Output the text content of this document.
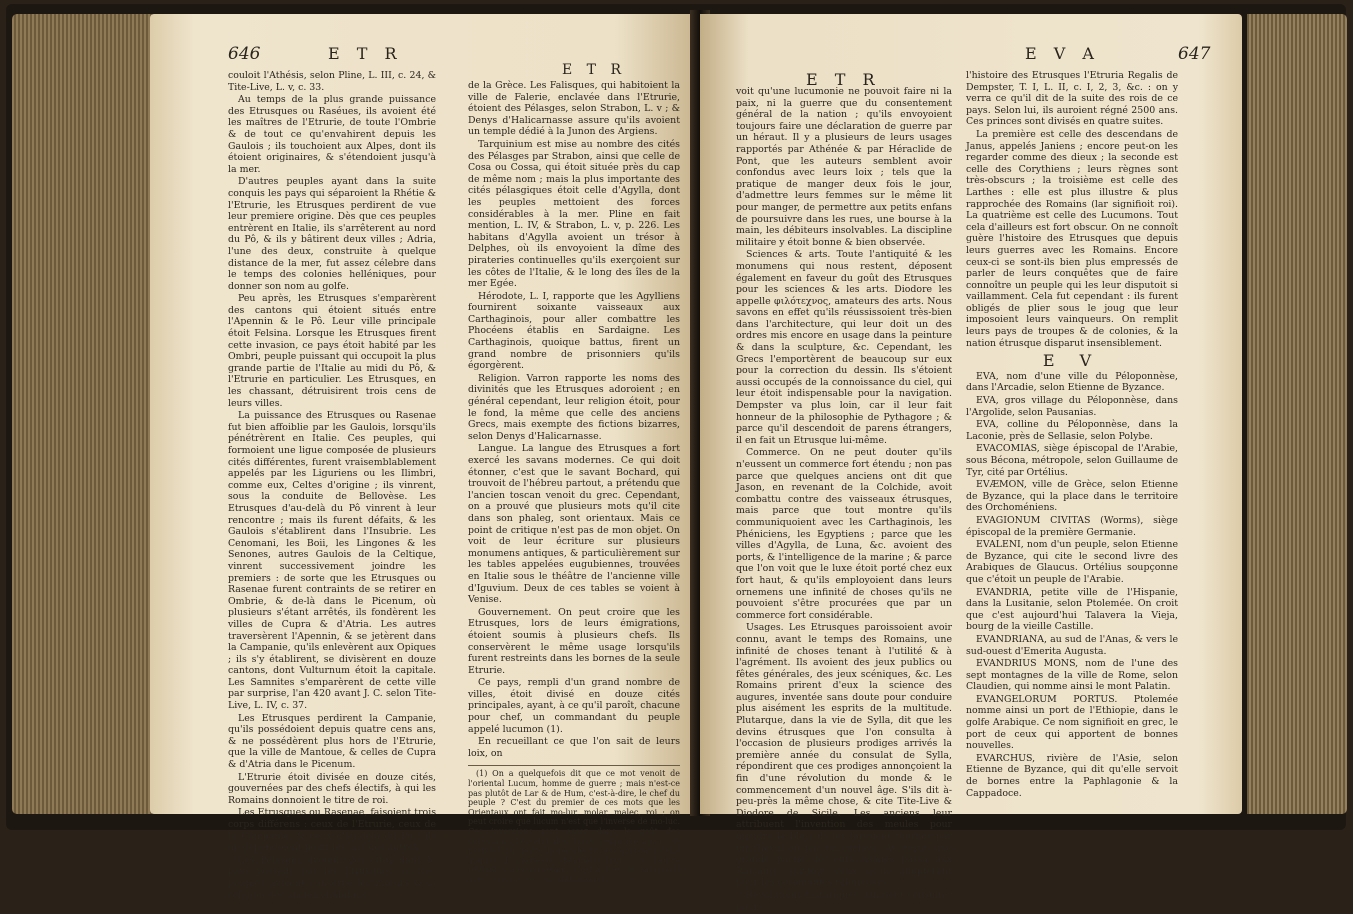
646	E T R
E T R

couloit l'Athésis, selon Pline, L. III, c. 24, & Tite-Live, L. v, c. 33.

Au temps de la plus grande puissance des Etrusques ou Raséues, ils avoient été les maîtres de l'Etrurie, de toute l'Ombrie & de tout ce qu'envahirent depuis les Gaulois ; ils touchoient aux Alpes, dont ils étoient originaires, & s'étendoient jusqu'à la mer.

D'autres peuples ayant dans la suite conquis les pays qui séparoient la Rhétie & l'Etrurie, les Etrusques perdirent de vue leur premiere origine. Dès que ces peuples entrèrent en Italie, ils s'arrêterent au nord du Pô, & ils y bâtirent deux villes ; Adria, l'une des deux, construite à quelque distance de la mer, fut assez célebre dans le temps des colonies helléniques, pour donner son nom au golfe.

Peu après, les Etrusques s'emparèrent des cantons qui étoient situés entre l'Apennin & le Pô. Leur ville principale étoit Felsina. Lorsque les Etrusques firent cette invasion, ce pays étoit habité par les Ombri, peuple puissant qui occupoit la plus grande partie de l'Italie au midi du Pô, & l'Etrurie en particulier. Les Etrusques, en les chassant, détruisirent trois cens de leurs villes.

La puissance des Etrusques ou Rasenae fut bien affoiblie par les Gaulois, lorsqu'ils pénétrèrent en Italie. Ces peuples, qui formoient une ligue composée de plusieurs cités différentes, furent vraisemblablement appelés par les Liguriens ou les Ilimbri, comme eux, Celtes d'origine ; ils vinrent, sous la conduite de Bellovèse. Les Etrusques d'au-delà du Pô vinrent à leur rencontre ; mais ils furent défaits, & les Gaulois s'établirent dans l'Insubrie. Les Cenomani, les Boii, les Lingones & les Senones, autres Gaulois de la Celtique, vinrent successivement joindre les premiers : de sorte que les Etrusques ou Rasenae furent contraints de se retirer en Ombrie, & de-là dans le Picenum, où plusieurs s'étant arrêtés, ils fondèrent les villes de Cupra & d'Atria. Les autres traversèrent l'Apennin, & se jetèrent dans la Campanie, qu'ils enlevèrent aux Opiques ; ils s'y établirent, se divisèrent en douze cantons, dont Vulturnum étoit la capitale. Les Samnites s'emparèrent de cette ville par surprise, l'an 420 avant J. C. selon Tite-Live, L. IV, c. 37.

Les Etrusques perdirent la Campanie, qu'ils possédoient depuis quatre cens ans, & ne possédèrent plus hors de l'Etrurie, que la ville de Mantoue, & celles de Cupra & d'Atria dans le Picenum.

L'Etrurie étoit divisée en douze cités, gouvernées par des chefs électifs, à qui les Romains donnoient le titre de roi.

Les Etrusques ou Rasenae, faisoient trois corps différens : ceux de l'Etrurie, ceux de la Campanie, & ceux d'au-delà du Pô : ils ne dépendoient point les uns des autres.

Les Pélasges avoient des cités dans le pays possédé par les Etrusques, où ces peuples avoient conservé les mœurs & la religion des anciens habitans

de la Grèce. Les Falisques, qui habitoient la ville de Falerie, enclavée dans l'Etrurie, étoient des Pélasges, selon Strabon, L. v ; & Denys d'Halicarnasse assure qu'ils avoient un temple dédié à la Junon des Argiens.

Tarquinium est mise au nombre des cités des Pélasges par Strabon, ainsi que celle de Cosa ou Cossa, qui étoit située près du cap de même nom ; mais la plus importante des cités pélasgiques étoit celle d'Agylla, dont les peuples mettoient des forces considérables à la mer. Pline en fait mention, L. IV, & Strabon, L. v, p. 226. Les habitans d'Agylla avoient un trésor à Delphes, où ils envoyoient la dîme des pirateries continuelles qu'ils exerçoient sur les côtes de l'Italie, & le long des îles de la mer Egée.

Hérodote, L. I, rapporte que les Agylliens fournirent soixante vaisseaux aux Carthaginois, pour aller combattre les Phocéens établis en Sardaigne. Les Carthaginois, quoique battus, firent un grand nombre de prisonniers qu'ils égorgèrent.

Religion. Varron rapporte les noms des divinités que les Etrusques adoroient ; en général cependant, leur religion étoit, pour le fond, la même que celle des anciens Grecs, mais exempte des fictions bizarres, selon Denys d'Halicarnasse.

Langue. La langue des Etrusques a fort exercé les savans modernes. Ce qui doit étonner, c'est que le savant Bochard, qui trouvoit de l'hébreu partout, a prétendu que l'ancien toscan venoit du grec. Cependant, on a prouvé que plusieurs mots qu'il cite dans son phaleg, sont orientaux. Mais ce point de critique n'est pas de mon objet. On voit de leur écriture sur plusieurs monumens antiques, & particulièrement sur les tables appelées eugubiennes, trouvées en Italie sous le théâtre de l'ancienne ville d'Iguvium. Deux de ces tables se voient à Venise.

Gouvernement. On peut croire que les Etrusques, lors de leurs émigrations, étoient soumis à plusieurs chefs. Ils conservèrent le même usage lorsqu'ils furent restreints dans les bornes de la seule Etrurie.

Ce pays, rempli d'un grand nombre de villes, étoit divisé en douze cités principales, ayant, à ce qu'il paroît, chacune pour chef, un commandant du peuple appelé lucumon (1).

En recueillant ce que l'on sait de leurs loix, on

(1) On a quelquefois dit que ce mot venoit de l'oriental Lucum, homme de guerre ; mais n'est-ce pas plutôt de Lar & de Hum, c'est-à-dire, le chef du peuple ? C'est du premier de ces mots que les Orientaux ont fait mo-lur, molar, malec, roi ; on peut croire que lucum n'est que l'inverse de mo-luc. Ces inversions sont assez dans le goût des Orientaux. Le salut des Turcs s'exprime ainsi : le premier qui porte la parole dit, en abordant celui auquel il s'adresse, falamalec-com ; & l'autre répond : alecum-selam, c'est-à-dire, le salut soit avec vous ; avec vous soit le salut.

E T R
E V A	647

voit qu'une lucumonie ne pouvoit faire ni la paix, ni la guerre que du consentement général de la nation ; qu'ils envoyoient toujours faire une déclaration de guerre par un héraut. Il y a plusieurs de leurs usages rapportés par Athénée & par Héraclide de Pont, que les auteurs semblent avoir confondus avec leurs loix ; tels que la pratique de manger deux fois le jour, d'admettre leurs femmes sur le même lit pour manger, de permettre aux petits enfans de poursuivre dans les rues, une bourse à la main, les débiteurs insolvables. La discipline militaire y étoit bonne & bien observée.

Sciences & arts. Toute l'antiquité & les monumens qui nous restent, déposent également en faveur du goût des Etrusques pour les sciences & les arts. Diodore les appelle φιλότεχνος, amateurs des arts. Nous savons en effet qu'ils réussissoient très-bien dans l'architecture, qui leur doit un des ordres mis encore en usage dans la peinture & dans la sculpture, &c. Cependant, les Grecs l'emportèrent de beaucoup sur eux pour la correction du dessin. Ils s'étoient aussi occupés de la connoissance du ciel, qui leur étoit indispensable pour la navigation. Dempster va plus loin, car il leur fait honneur de la philosophie de Pythagore ; & parce qu'il descendoit de parens étrangers, il en fait un Etrusque lui-même.

Commerce. On ne peut douter qu'ils n'eussent un commerce fort étendu ; non pas parce que quelques anciens ont dit que Jason, en revenant de la Colchide, avoit combattu contre des vaisseaux étrusques, mais parce que tout montre qu'ils communiquoient avec les Carthaginois, les Phéniciens, les Egyptiens ; parce que les villes d'Agylla, de Luna, &c. avoient des ports, & l'intelligence de la marine ; & parce que l'on voit que le luxe étoit porté chez eux fort haut, & qu'ils employoient dans leurs ornemens une infinité de choses qu'ils ne pouvoient s'être procurées que par un commerce fort considérable.

Usages. Les Etrusques paroissoient avoir connu, avant le temps des Romains, une infinité de choses tenant à l'utilité & à l'agrément. Ils avoient des jeux publics ou fêtes générales, des jeux scéniques, &c. Les Romains prirent d'eux la science des augures, inventée sans doute pour conduire plus aisément les esprits de la multitude. Plutarque, dans la vie de Sylla, dit que les devins étrusques que l'on consulta à l'occasion de plusieurs prodiges arrivés la première année du consulat de Sylla, répondirent que ces prodiges annonçoient la fin d'une révolution du monde & le commencement d'un nouvel âge. S'ils dit à-peu-près la même chose, & cite Tite-Live & Diodore de Sicile. Les anciens leur attribuent l'invention des meules pour moudre le blé ; ils les faisoient tourner par un cheval ou par un esclave. Au reste, une grande partie de leurs usages passa aux Romains, sur-tout ceux qu'ils adoptèrent pour les cérémonies religieuses.

Révolutions historiques. On peut consulter pour

l'histoire des Etrusques l'Etruria Regalis de Dempster, T. I, L. II, c. I, 2, 3, &c. : on y verra ce qu'il dit de la suite des rois de ce pays. Selon lui, ils auroient régné 2500 ans. Ces princes sont divisés en quatre suites.

La première est celle des descendans de Janus, appelés Janiens ; encore peut-on les regarder comme des dieux ; la seconde est celle des Corythiens ; leurs règnes sont très-obscurs ; la troisième est celle des Larthes : elle est plus illustre & plus rapprochée des Romains (lar signifioit roi). La quatrième est celle des Lucumons. Tout cela d'ailleurs est fort obscur. On ne connoît guère l'histoire des Etrusques que depuis leurs guerres avec les Romains. Encore ceux-ci se sont-ils bien plus empressés de parler de leurs conquêtes que de faire connoître un peuple qui les leur disputoit si vaillamment. Cela fut cependant : ils furent obligés de plier sous le joug que leur imposoient leurs vainqueurs. On remplit leurs pays de troupes & de colonies, & la nation étrusque disparut insensiblement.

E V

EVA, nom d'une ville du Péloponnèse, dans l'Arcadie, selon Etienne de Byzance.

EVA, gros village du Péloponnèse, dans l'Argolide, selon Pausanias.

EVA, colline du Péloponnèse, dans la Laconie, près de Sellasie, selon Polybe.

EVACOMIAS, siège épiscopal de l'Arabie, sous Bécona, métropole, selon Guillaume de Tyr, cité par Ortélius.

EVÆMON, ville de Grèce, selon Etienne de Byzance, qui la place dans le territoire des Orchoméniens.

EVAGIONUM CIVITAS (Worms), siège épiscopal de la première Germanie.

EVALENI, nom d'un peuple, selon Etienne de Byzance, qui cite le second livre des Arabiques de Glaucus. Ortélius soupçonne que c'étoit un peuple de l'Arabie.

EVANDRIA, petite ville de l'Hispanie, dans la Lusitanie, selon Ptolemée. On croit que c'est aujourd'hui Talavera la Vieja, bourg de la vieille Castille.

EVANDRIANA, au sud de l'Anas, & vers le sud-ouest d'Emerita Augusta.

EVANDRIUS MONS, nom de l'une des sept montagnes de la ville de Rome, selon Claudien, qui nomme ainsi le mont Palatin.

EVANGELORUM PORTUS. Ptolemée nomme ainsi un port de l'Ethiopie, dans le golfe Arabique. Ce nom signifioit en grec, le port de ceux qui apportent de bonnes nouvelles.

EVARCHUS, rivière de l'Asie, selon Etienne de Byzance, qui dit qu'elle servoit de bornes entre la Paphlagonie & la Cappadoce.
